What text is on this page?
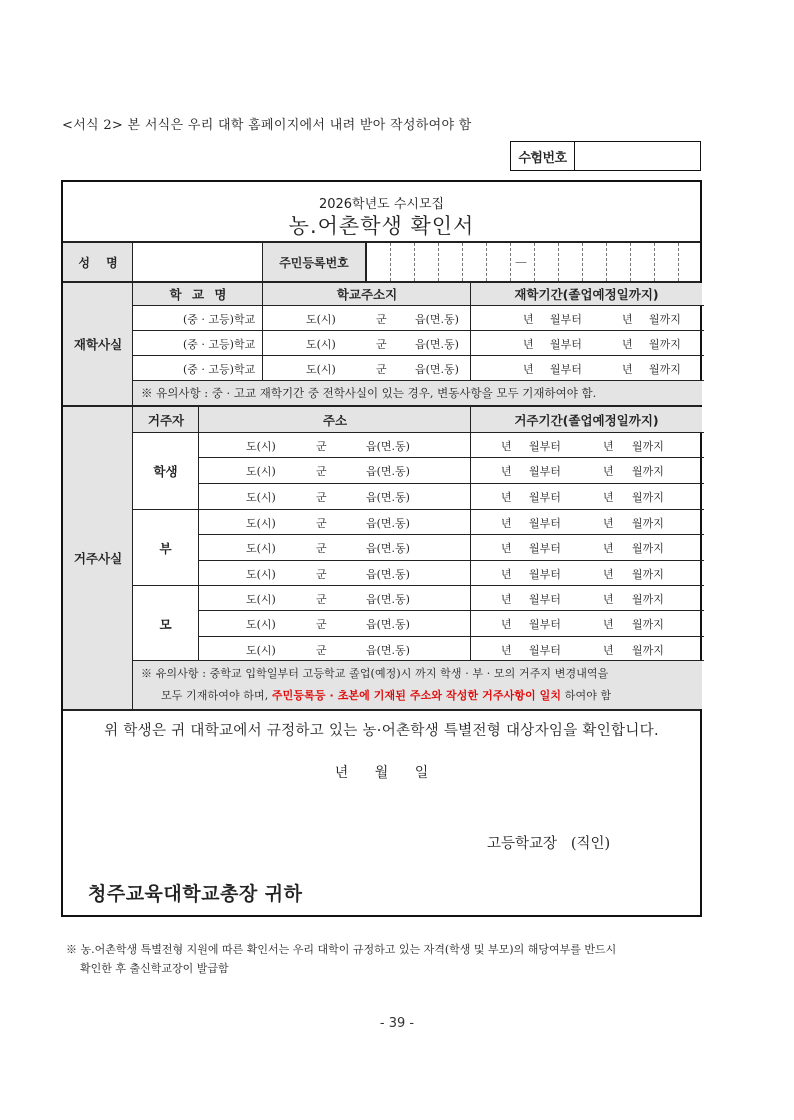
<서식 2> 본 서식은 우리 대학 홈페이지에서 내려 받아 작성하여야 함
수험번호
2026학년도 수시모집
농.어촌학생 확인서
성 명	주민등록번호	—
재학사실
학 교 명	학교주소지	재학기간(졸업예정일까지)
(중 · 고등)학교	도(시)	군	읍(면.동)	년 월부터	년 월까지
(중 · 고등)학교	도(시)	군	읍(면.동)	년 월부터	년 월까지
(중 · 고등)학교	도(시)	군	읍(면.동)	년 월부터	년 월까지
※ 유의사항 : 중 · 고교 재학기간 중 전학사실이 있는 경우, 변동사항을 모두 기재하여야 함.
거주사실
거주자	주소	거주기간(졸업예정일까지)
학생
도(시)	군	읍(면.동)	년 월부터	년 월까지
도(시)	군	읍(면.동)	년 월부터	년 월까지
도(시)	군	읍(면.동)	년 월부터	년 월까지
부
도(시)	군	읍(면.동)	년 월부터	년 월까지
도(시)	군	읍(면.동)	년 월부터	년 월까지
도(시)	군	읍(면.동)	년 월부터	년 월까지
모
도(시)	군	읍(면.동)	년 월부터	년 월까지
도(시)	군	읍(면.동)	년 월부터	년 월까지
도(시)	군	읍(면.동)	년 월부터	년 월까지
※ 유의사항 : 중학교 입학일부터 고등학교 졸업(예정)시 까지 학생 · 부 · 모의 거주지 변경내역을
모두 기재하여야 하며, 주민등록등 · 초본에 기재된 주소와 작성한 거주사항이 일치 하여야 함
위 학생은 귀 대학교에서 규정하고 있는 농·어촌학생 특별전형 대상자임을 확인합니다.
년 월 일
고등학교장   (직인)
청주교육대학교총장 귀하
※ 농.어촌학생 특별전형 지원에 따른 확인서는 우리 대학이 규정하고 있는 자격(학생 및 부모)의 해당여부를 반드시
확인한 후 출신학교장이 발급함
- 39 -
